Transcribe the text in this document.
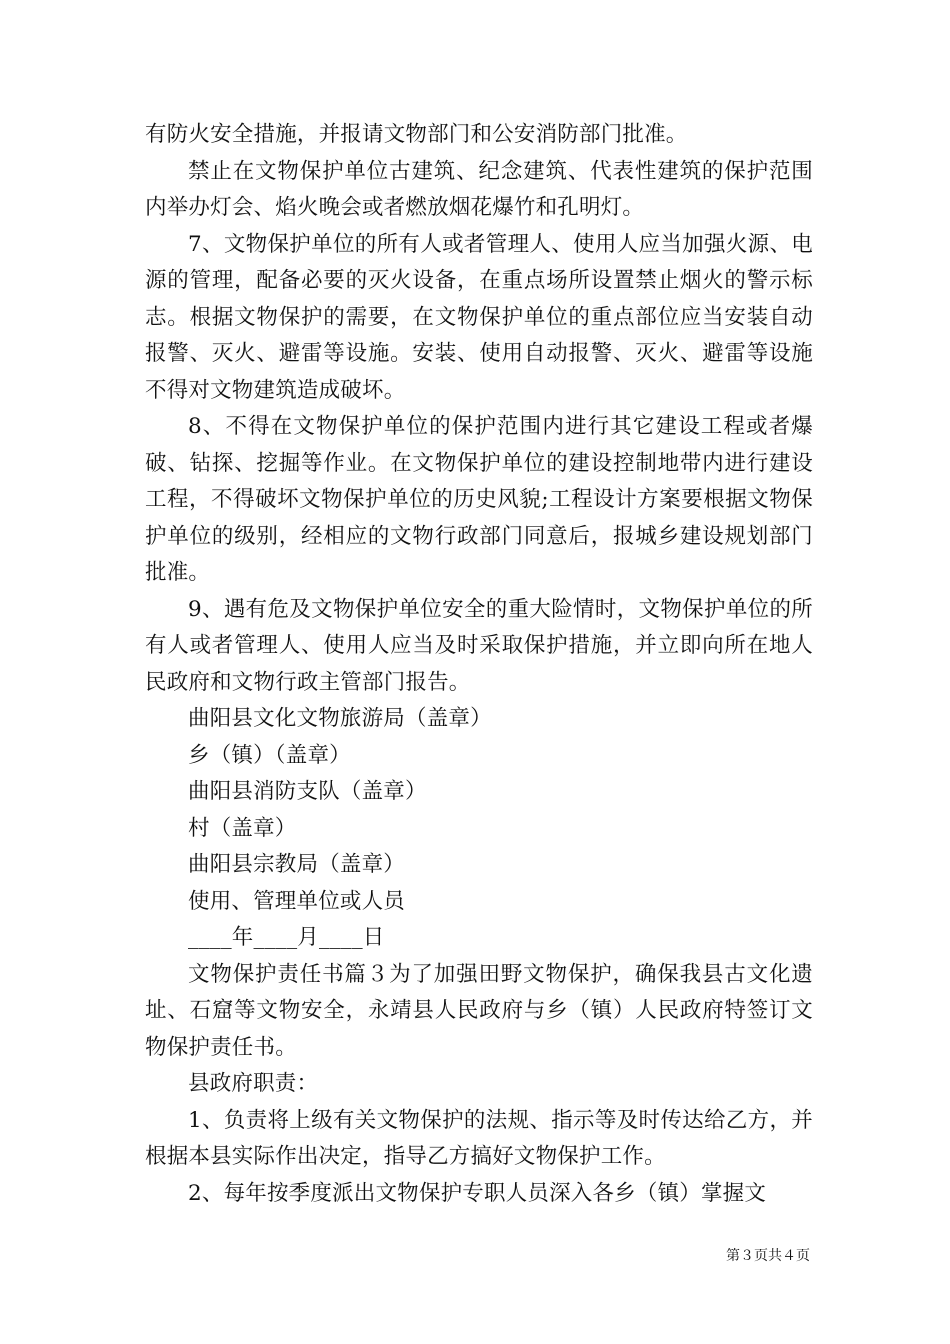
有防火安全措施，并报请文物部门和公安消防部门批准。

禁止在文物保护单位古建筑、纪念建筑、代表性建筑的保护范围内举办灯会、焰火晚会或者燃放烟花爆竹和孔明灯。

7、文物保护单位的所有人或者管理人、使用人应当加强火源、电源的管理，配备必要的灭火设备，在重点场所设置禁止烟火的警示标志。根据文物保护的需要，在文物保护单位的重点部位应当安装自动报警、灭火、避雷等设施。安装、使用自动报警、灭火、避雷等设施不得对文物建筑造成破坏。

8、不得在文物保护单位的保护范围内进行其它建设工程或者爆破、钻探、挖掘等作业。在文物保护单位的建设控制地带内进行建设工程，不得破坏文物保护单位的历史风貌;工程设计方案要根据文物保护单位的级别，经相应的文物行政部门同意后，报城乡建设规划部门批准。

9、遇有危及文物保护单位安全的重大险情时，文物保护单位的所有人或者管理人、使用人应当及时采取保护措施，并立即向所在地人民政府和文物行政主管部门报告。

曲阳县文化文物旅游局（盖章）

乡（镇）（盖章）

曲阳县消防支队（盖章）

村（盖章）

曲阳县宗教局（盖章）

使用、管理单位或人员

____年____月____日

文物保护责任书篇３为了加强田野文物保护，确保我县古文化遗址、石窟等文物安全，永靖县人民政府与乡（镇）人民政府特签订文物保护责任书。

县政府职责：

1、负责将上级有关文物保护的法规、指示等及时传达给乙方，并根据本县实际作出决定，指导乙方搞好文物保护工作。

2、每年按季度派出文物保护专职人员深入各乡（镇）掌握文

第３页共４页
